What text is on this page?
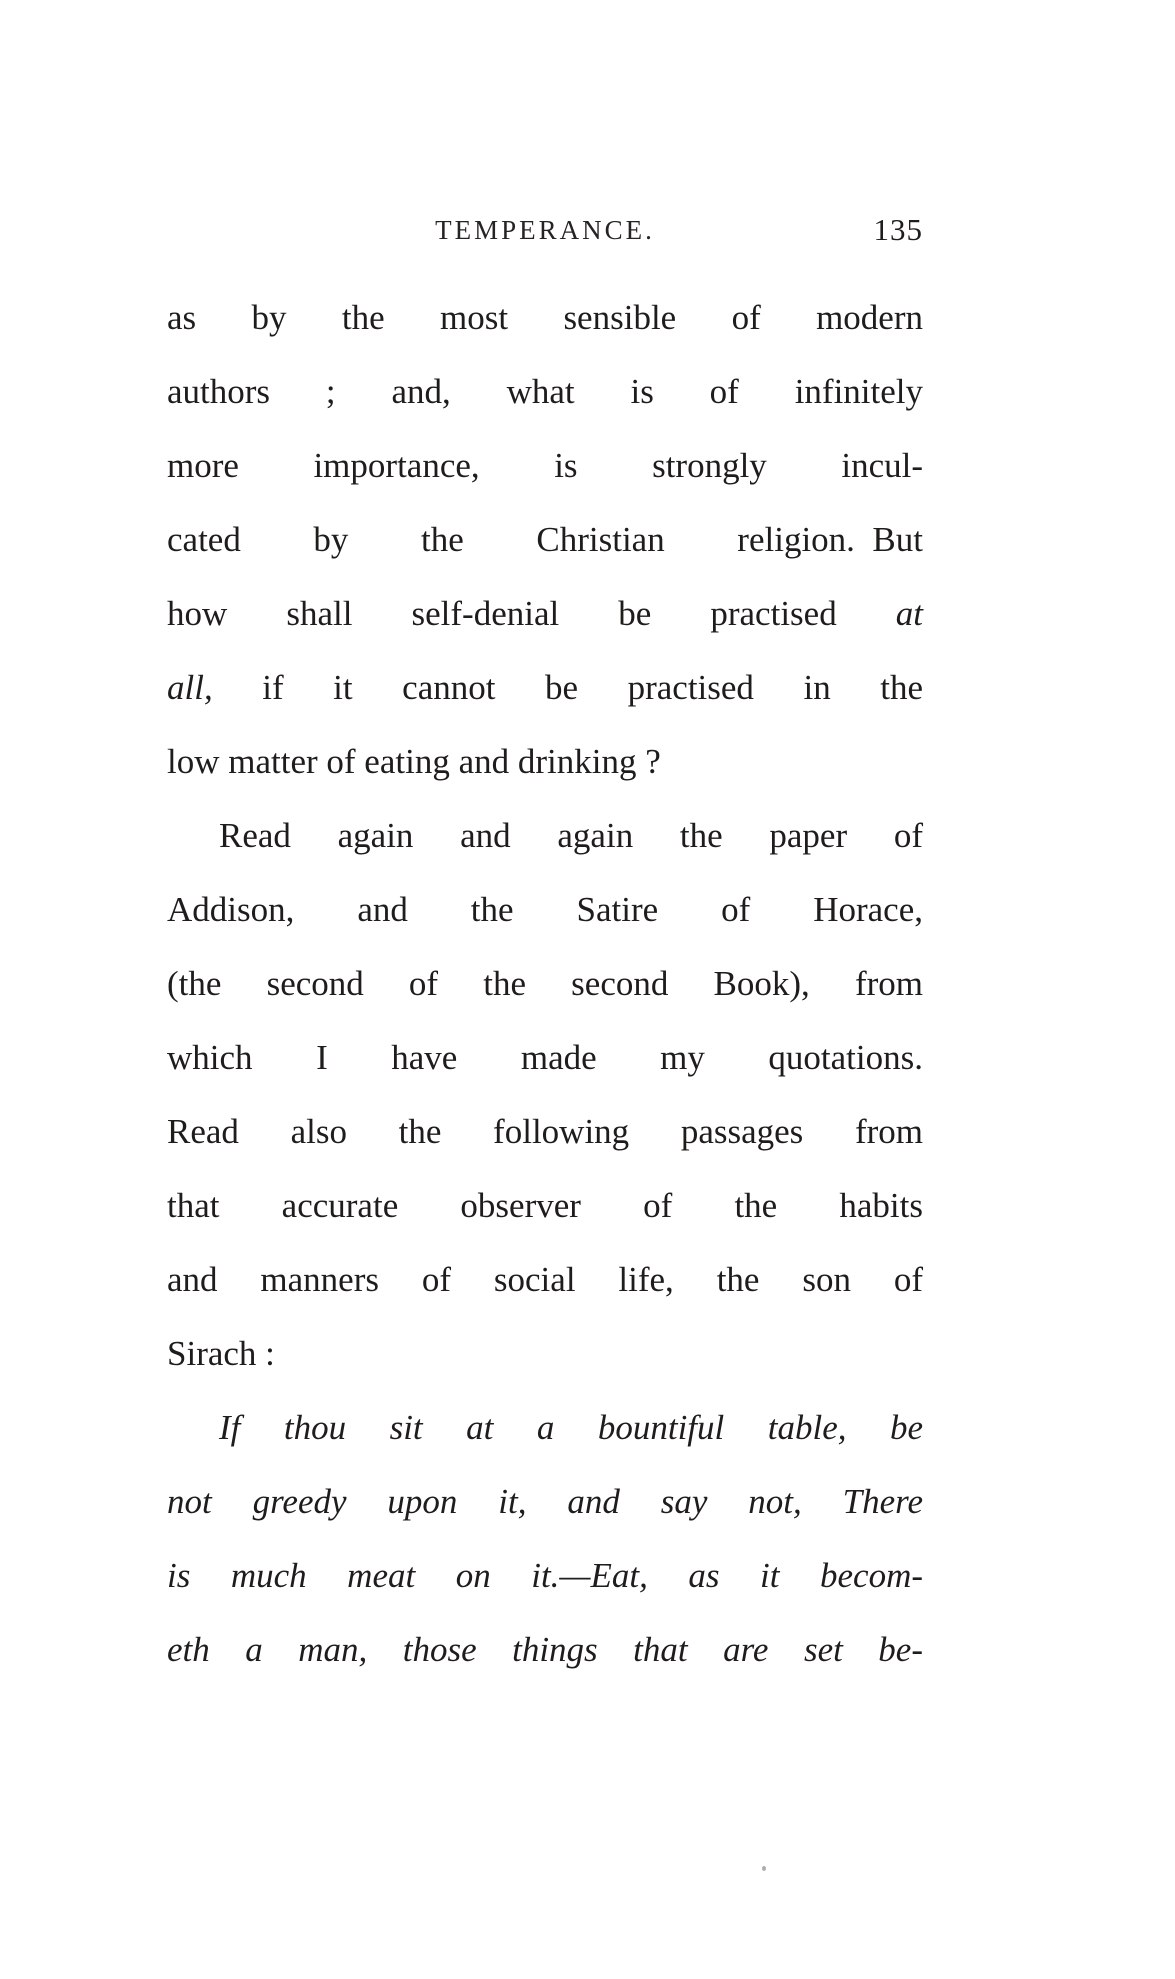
TEMPERANCE.	135
as by the most sensible of modern
authors ; and, what is of infinitely
more importance, is strongly incul-
cated by the Christian religion. But
how shall self-denial be practised at
all, if it cannot be practised in the
low matter of eating and drinking ?
Read again and again the paper of
Addison, and the Satire of Horace,
(the second of the second Book), from
which I have made my quotations.
Read also the following passages from
that accurate observer of the habits
and manners of social life, the son of
Sirach :
If thou sit at a bountiful table, be
not greedy upon it, and say not, There
is much meat on it.—Eat, as it becom-
eth a man, those things that are set be-
